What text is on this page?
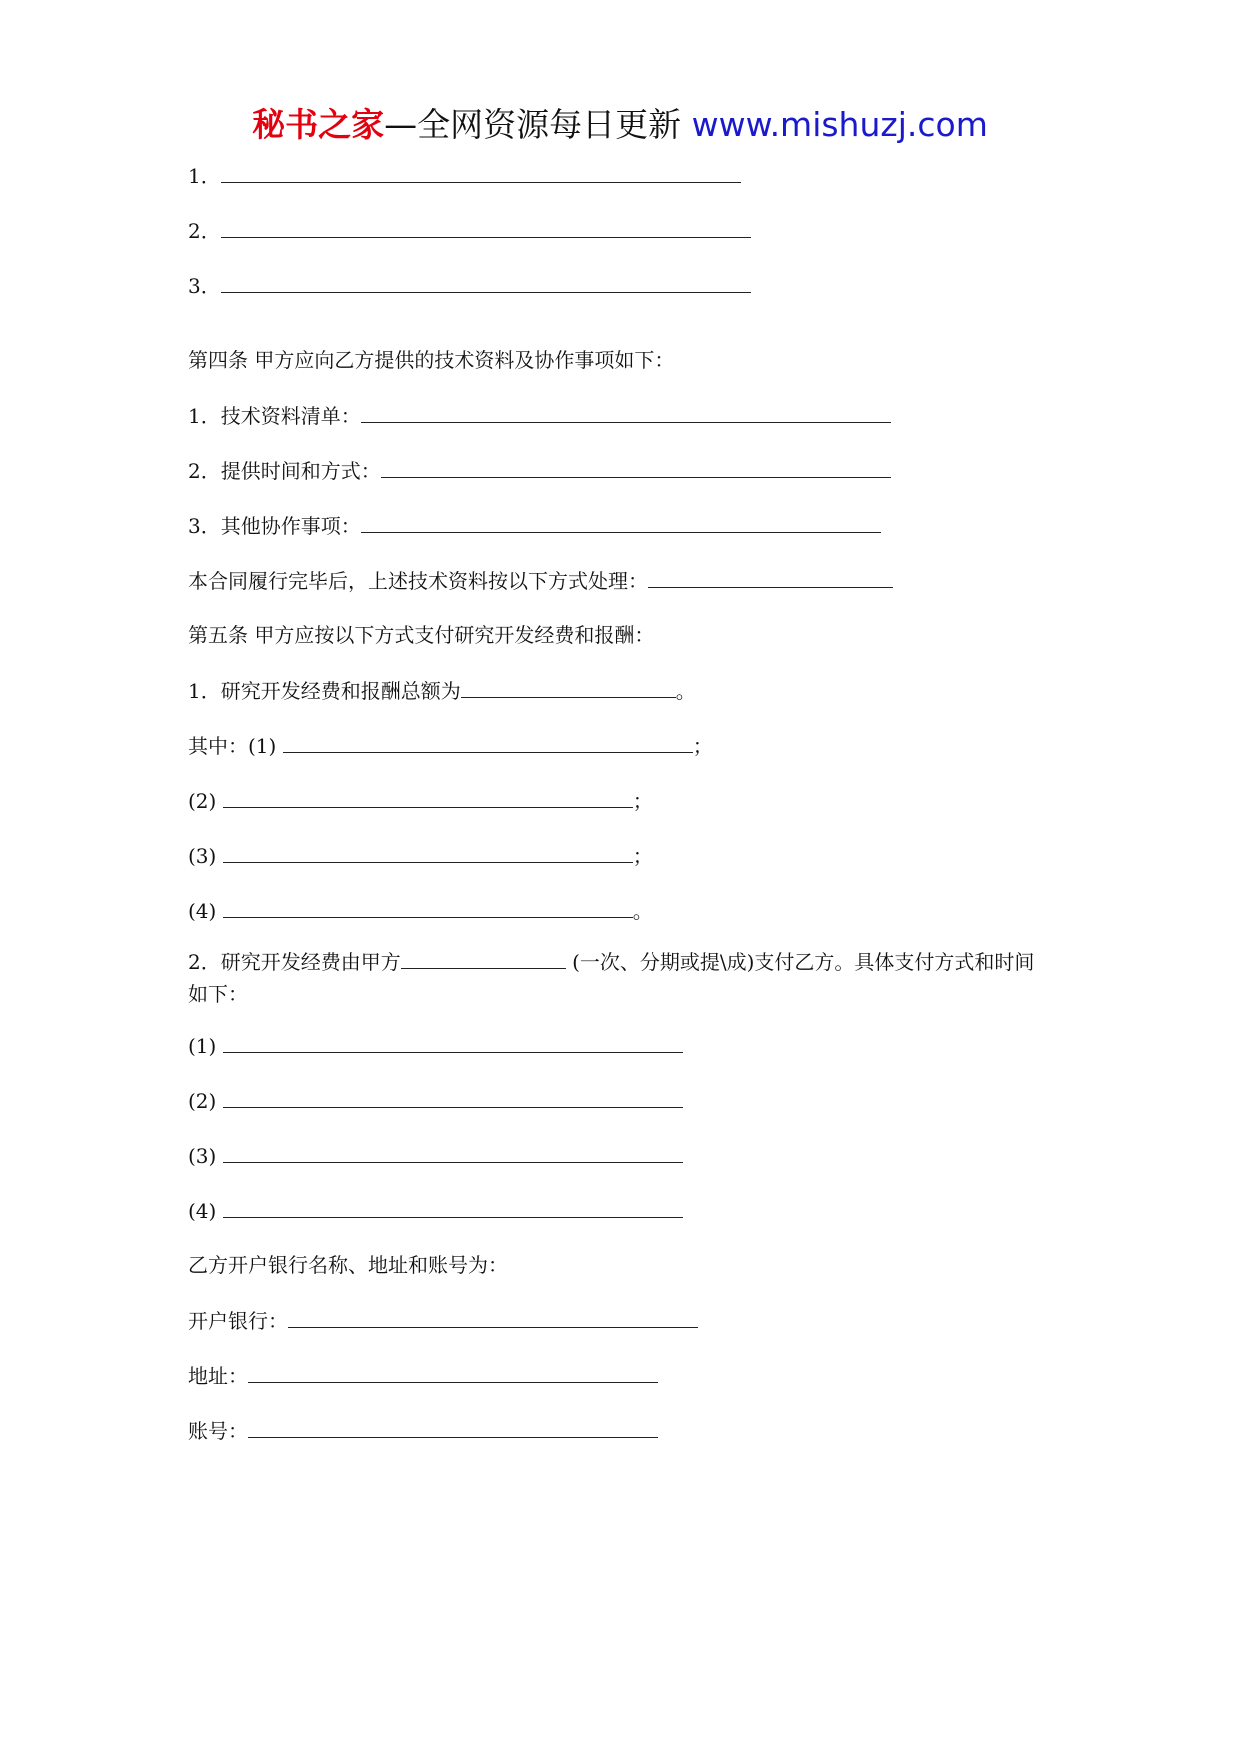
秘书之家—全网资源每日更新 www.mishuzj.com
1．
2．
3．
第四条 甲方应向乙方提供的技术资料及协作事项如下：
1．技术资料清单：
2．提供时间和方式：
3．其他协作事项：
本合同履行完毕后，上述技术资料按以下方式处理：
第五条 甲方应按以下方式支付研究开发经费和报酬：
1．研究开发经费和报酬总额为	。
其中：(1)	；
(2)	；
(3)	；
(4)	。
2．研究开发经费由甲方	(一次、分期或提\成)支付乙方。具体支付方式和时间如下：
(1)
(2)
(3)
(4)
乙方开户银行名称、地址和账号为：
开户银行：
地址：
账号：
